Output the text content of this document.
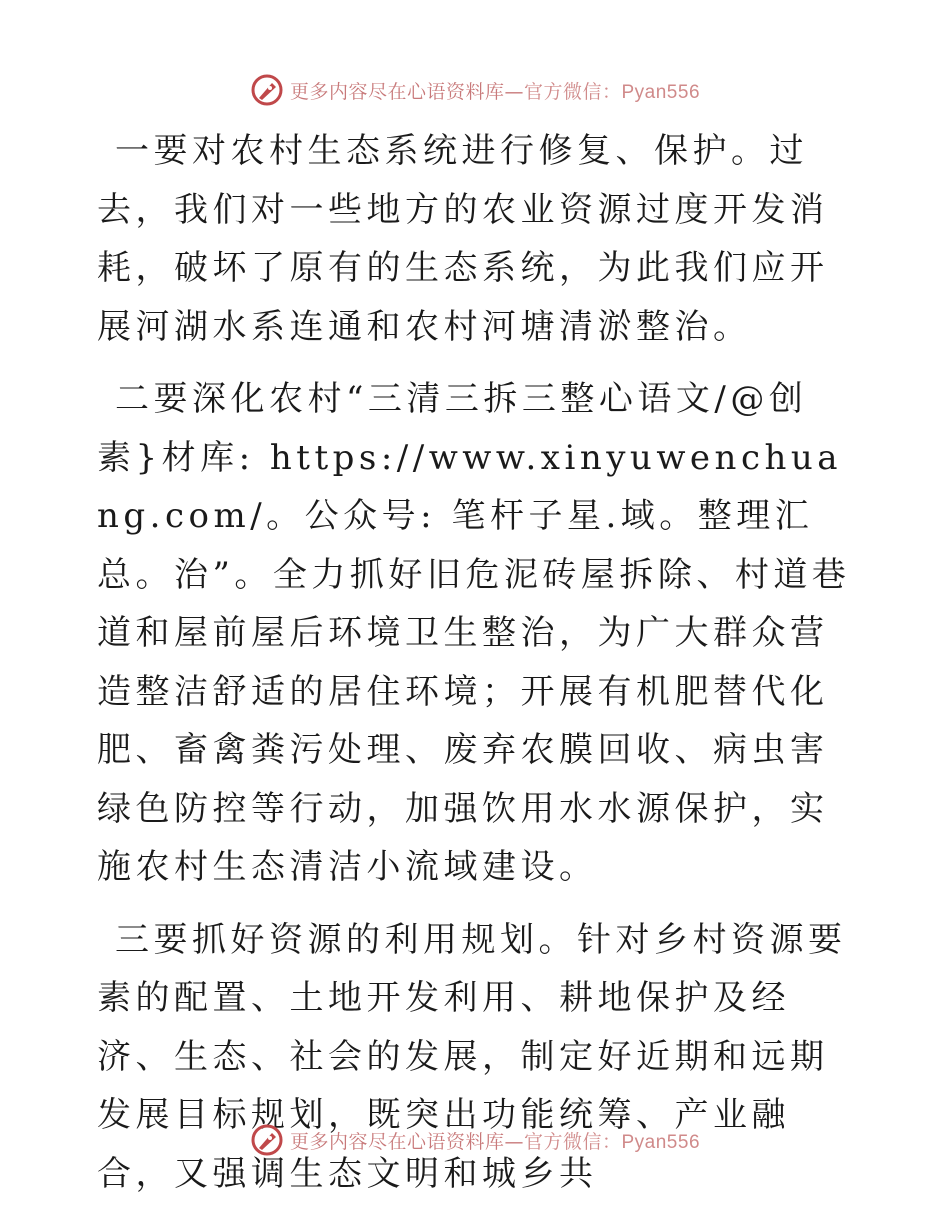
更多内容尽在心语资料库—官方微信：Pyan556

一要对农村生态系统进行修复、保护。过去，我们对一些地方的农业资源过度开发消耗，破坏了原有的生态系统，为此我们应开展河湖水系连通和农村河塘清淤整治。

二要深化农村“三清三拆三整心语文/@创素}材库: https://www.xinyuwenchuang.com/。公众号: 笔杆子星.域。整理汇总。治”。全力抓好旧危泥砖屋拆除、村道巷道和屋前屋后环境卫生整治，为广大群众营造整洁舒适的居住环境；开展有机肥替代化肥、畜禽粪污处理、废弃农膜回收、病虫害绿色防控等行动，加强饮用水水源保护，实施农村生态清洁小流域建设。

三要抓好资源的利用规划。针对乡村资源要素的配置、土地开发利用、耕地保护及经济、生态、社会的发展，制定好近期和远期发展目标规划，既突出功能统筹、产业融合，又强调生态文明和城乡共

更多内容尽在心语资料库—官方微信：Pyan556
